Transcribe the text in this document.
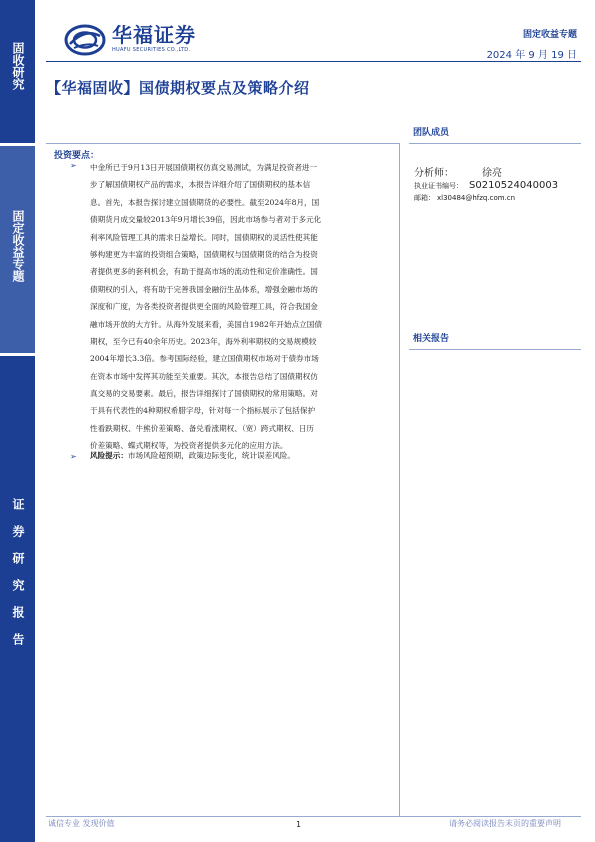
固收研究
固定收益专题
证券研究报告
华福证券
HUAFU SECURITIES CO.,LTD.
固定收益专题
2024 年 9 月 19 日
【华福固收】国债期权要点及策略介绍
团队成员
分析师：	徐亮
执业证书编号： S0210524040003
邮箱： xl30484@hfzq.com.cn
相关报告
投资要点：
➢ 中金所已于9月13日开展国债期权仿真交易测试，为满足投资者进一
步了解国债期权产品的需求，本报告详细介绍了国债期权的基本信
息。首先，本报告探讨建立国债期货的必要性。截至2024年8月，国
债期货月成交量较2013年9月增长39倍，因此市场参与者对于多元化
利率风险管理工具的需求日益增长。同时，国债期权的灵活性使其能
够构建更为丰富的投资组合策略，国债期权与国债期货的结合为投资
者提供更多的套利机会，有助于提高市场的流动性和定价准确性。国
债期权的引入，将有助于完善我国金融衍生品体系，增强金融市场的
深度和广度，为各类投资者提供更全面的风险管理工具，符合我国金
融市场开放的大方针。从海外发展来看，美国自1982年开始点立国债
期权，至今已有40余年历史。2023年，海外利率期权的交易规模较
2004年增长3.3倍。参考国际经验，建立国债期权市场对于债券市场
在资本市场中发挥其功能至关重要。其次，本报告总结了国债期权仿
真交易的交易要素。最后，报告详细探讨了国债期权的常用策略。对
于具有代表性的4种期权希腊字母，针对每一个指标展示了包括保护
性看跌期权、牛熊价差策略、备兑看涨期权、（宽）跨式期权、日历
价差策略、蝶式期权等，为投资者提供多元化的应用方法。
➢ 风险提示：市场风险超预期，政策边际变化，统计误差风险。
诚信专业 发现价值	1	请务必阅读报告末页的重要声明
